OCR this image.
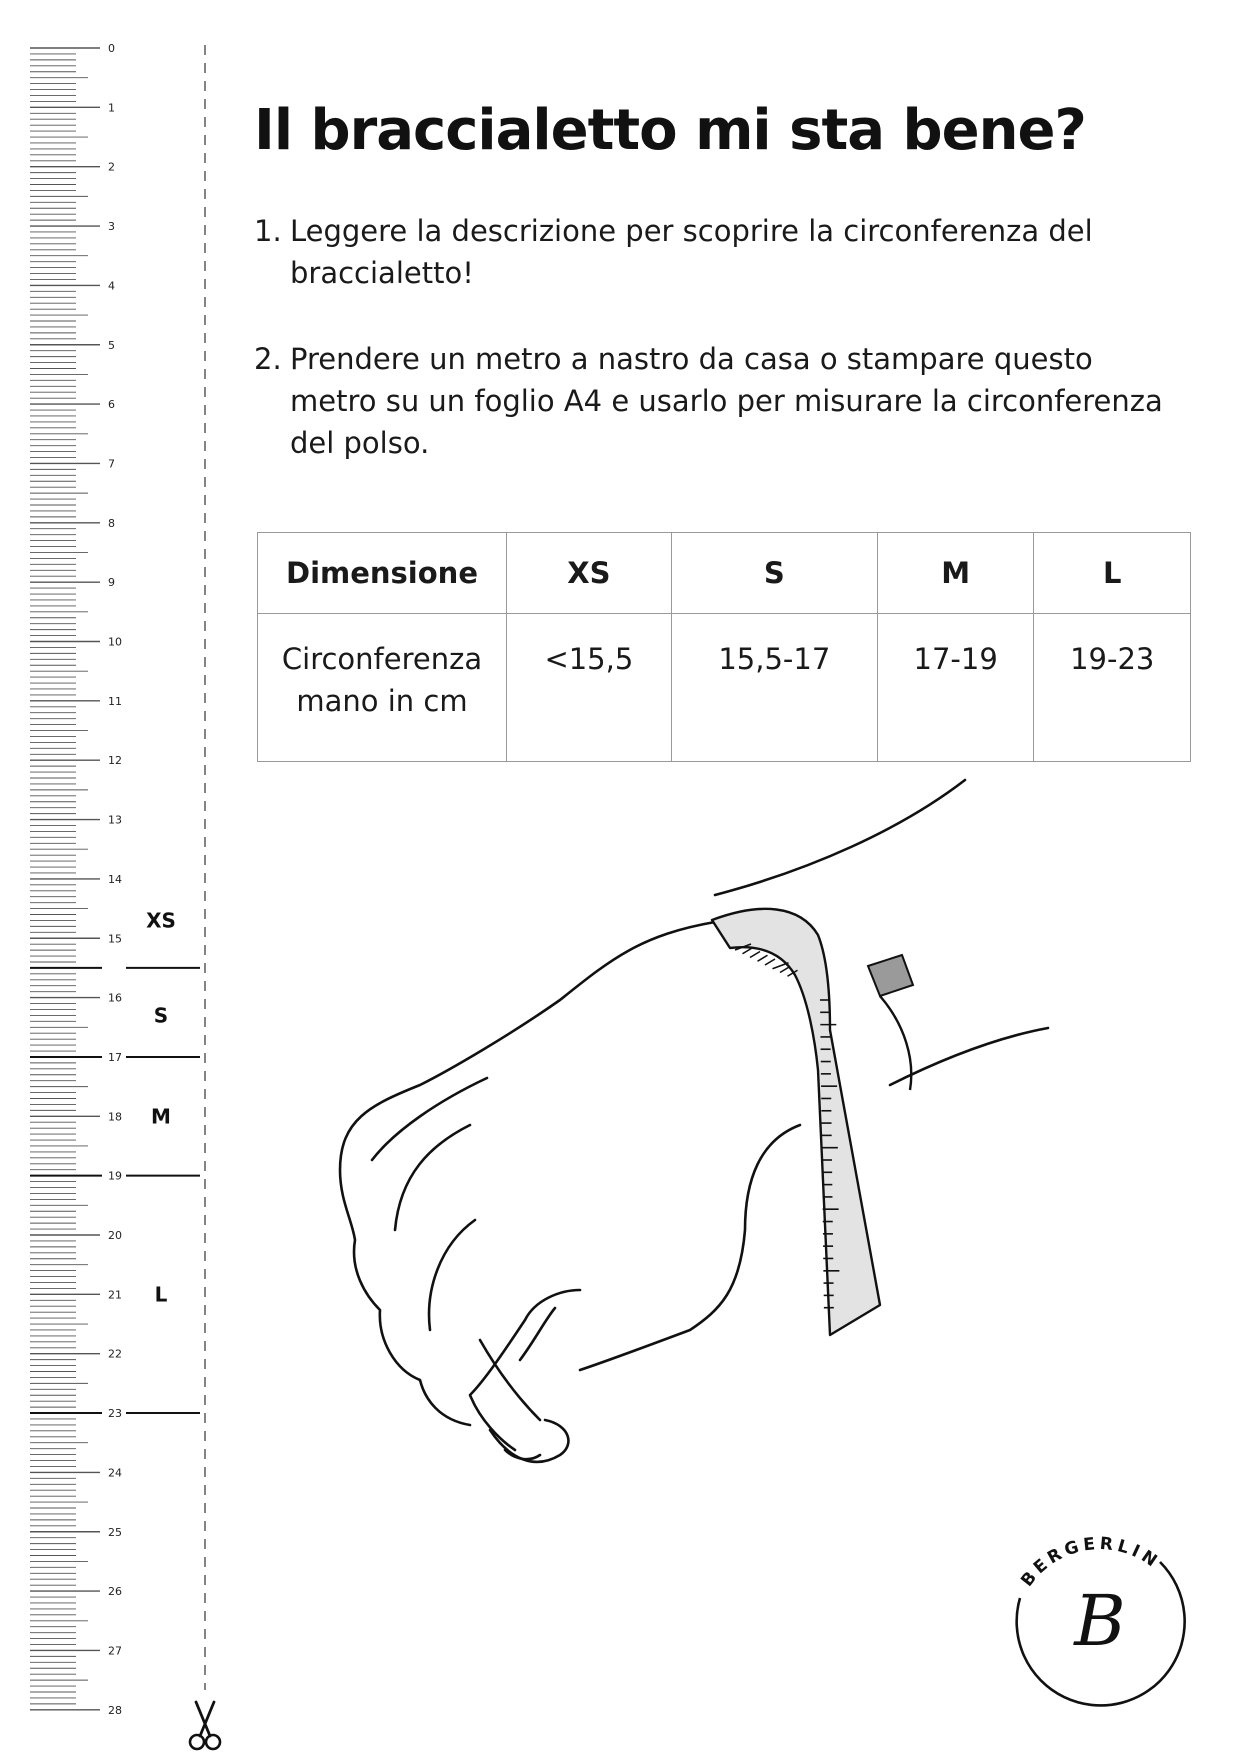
0
1
2
3
4
5
6
7
8
9
10
11
12
13
14
15
16
17
18
19
20
21
22
23
24
25
26
27
28
XS
S
M
L
Il braccialetto mi sta bene?
1. Leggere la descrizione per scoprire la circonferenza del braccialetto!
2. Prendere un metro a nastro da casa o stampare questo metro su un foglio A4 e usarlo per misurare la circonferenza del polso.
Dimensione	XS	S	M	L
Circonferenza mano in cm	<15,5	15,5-17	17-19	19-23
BERGERLIN
B
